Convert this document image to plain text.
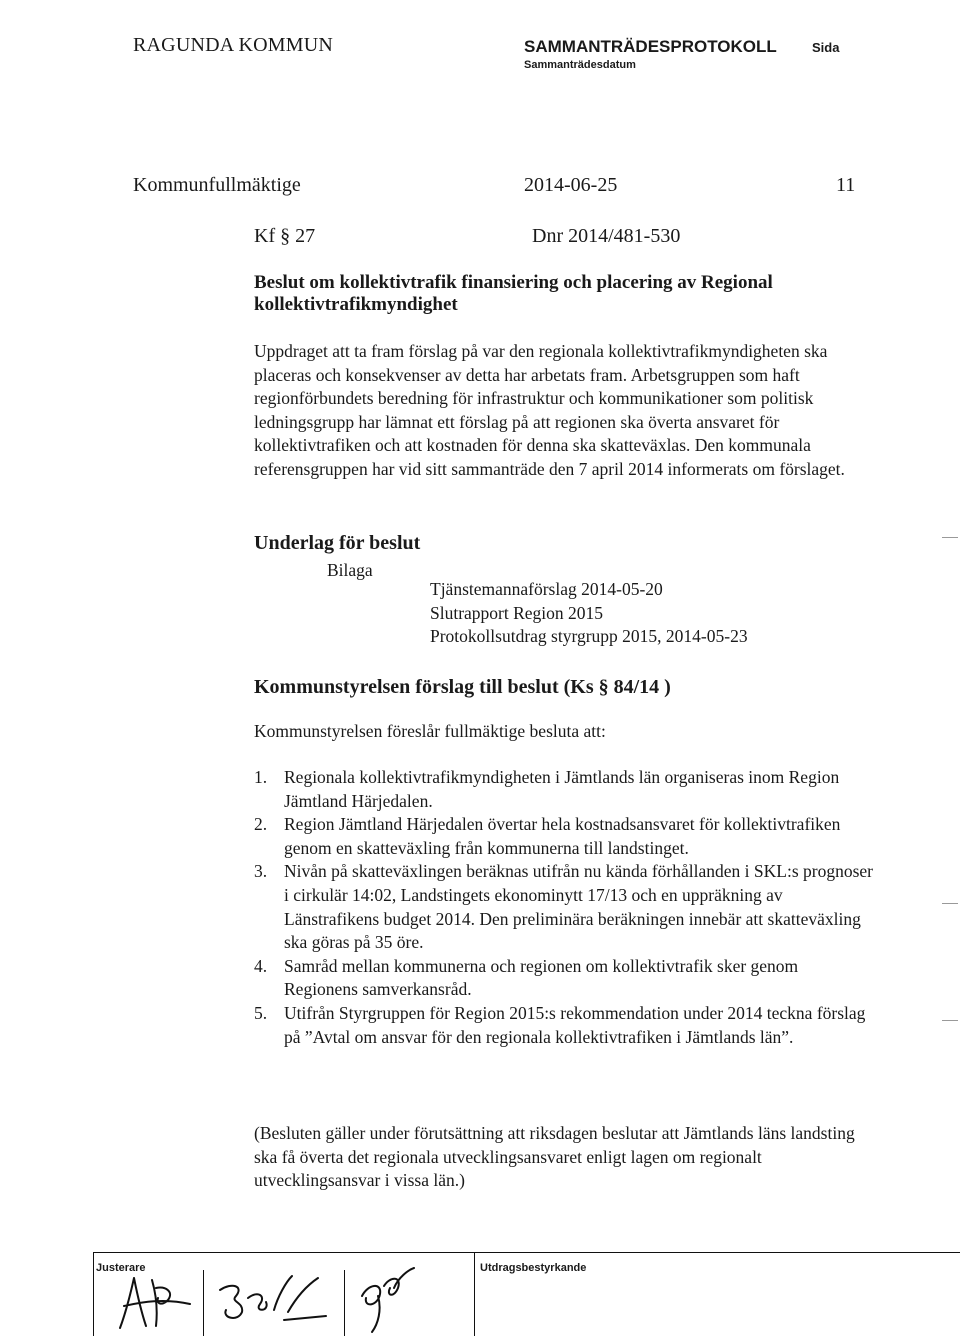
RAGUNDA KOMMUN	SAMMANTRÄDESPROTOKOLL	Sida
Sammanträdesdatum
Kommunfullmäktige	2014-06-25	11
Kf § 27	Dnr 2014/481-530
Beslut om kollektivtrafik finansiering och placering av Regional
kollektivtrafikmyndighet
Uppdraget att ta fram förslag på var den regionala kollektivtrafikmyndigheten ska placeras och konsekvenser av detta har arbetats fram. Arbetsgruppen som haft regionförbundets beredning för infrastruktur och kommunikationer som politisk ledningsgrupp har lämnat ett förslag på att regionen ska överta ansvaret för kollektivtrafiken och att kostnaden för denna ska skatteväxlas. Den kommunala referensgruppen har vid sitt sammanträde den 7 april 2014 informerats om förslaget.
Underlag för beslut
Bilaga
Tjänstemannaförslag 2014-05-20
Slutrapport Region 2015
Protokollsutdrag styrgrupp 2015, 2014-05-23
Kommunstyrelsen förslag till beslut (Ks § 84/14 )
Kommunstyrelsen föreslår fullmäktige besluta att:
1. Regionala kollektivtrafikmyndigheten i Jämtlands län organiseras inom Region Jämtland Härjedalen.
2. Region Jämtland Härjedalen övertar hela kostnadsansvaret för kollektivtrafiken genom en skatteväxling från kommunerna till landstinget.
3. Nivån på skatteväxlingen beräknas utifrån nu kända förhållanden i SKL:s prognoser i cirkulär 14:02, Landstingets ekonominytt 17/13 och en uppräkning av Länstrafikens budget 2014. Den preliminära beräkningen innebär att skatteväxling ska göras på 35 öre.
4. Samråd mellan kommunerna och regionen om kollektivtrafik sker genom Regionens samverkansråd.
5. Utifrån Styrgruppen för Region 2015:s rekommendation under 2014 teckna förslag på ”Avtal om ansvar för den regionala kollektivtrafiken i Jämtlands län”.
(Besluten gäller under förutsättning att riksdagen beslutar att Jämtlands läns landsting ska få överta det regionala utvecklingsansvaret enligt lagen om regionalt utvecklingsansvar i vissa län.)
Justerare	Utdragsbestyrkande
